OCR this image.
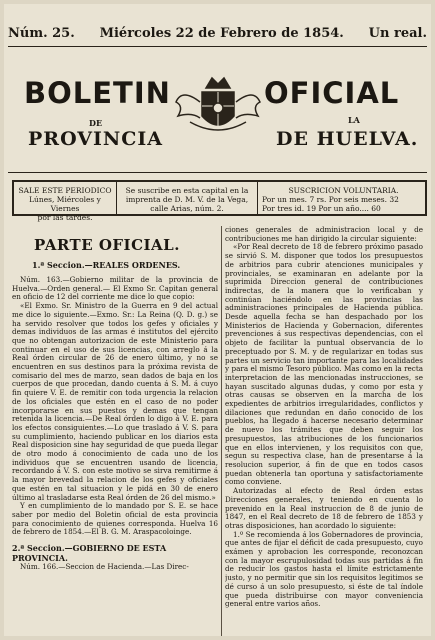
Núm. 25. Miércoles 22 de Febrero de 1854. Un real.
BOLETIN
DE
PROVINCIA
OFICIAL
LA
DE HUELVA.
SALE ESTE PERIODICO
Lúnes, Miércoles y Viernes
por las tardes.
Se suscribe en esta capital en la
imprenta de D. M. V. de la Vega,
calle Arias, núm. 2.
SUSCRICION VOLUNTARIA.
Por un mes. 7 rs. Por seis meses. 32
Por tres id. 19 Por un año.... 60
PARTE OFICIAL.
1.ª Seccion.—REALES ORDENES.

Núm. 163.—Gobierno militar de la provincia de Huelva.—Orden general.— El Exmo Sr. Capitan general en oficio de 12 del corriente me dice lo que copio:

«El Exmo. Sr. Ministro de la Guerra en 9 del actual me dice lo siguiente.—Exmo. Sr.: La Reina (Q. D. g.) se ha servido resolver que todos los gefes y oficiales y demas individuos de las armas é institutos del ejército que no obtengan autorizacion de este Ministerio para continuar en el uso de sus licencias, con arreglo á la Real órden circular de 26 de enero último, y no se encuentren en sus destinos para la próxima revista de comisario del mes de marzo, sean dados de baja en los cuerpos de que procedan, dando cuenta á S. M. á cuyo fin quiere V. E. de remitir con toda urgencia la relacion de los oficiales que estén en el caso de no poder incorporarse en sus puestos y demas que tengan retenida la licencia.—De Real órden lo digo á V. E. para los efectos consiguientes.—Lo que traslado á V. S. para su cumplimiento, haciendo publicar en los diarios esta Real disposicion sine hay seguridad de que pueda llegar de otro modo á conocimiento de cada uno de los individuos que se encuentren usando de licencia, recordando á V. S. con este motivo se sirva remitirme á la mayor brevedad la relacion de los gefes y oficiales que estén en tal situacion y le pidá en 30 de enero último al trasladarse esta Real órden de 26 del mismo.»

Y en cumplimiento de lo mandado por S. E. se hace saber por medio del Boletin oficial de esta provincia para conocimiento de quienes corresponda. Huelva 16 de febrero de 1854.—El B. G. M. Araspacoloinge.

2.ª Seccion.—GOBIERNO DE ESTA PROVINCIA.

Núm. 166.—Seccion de Hacienda.—Las Direc-

ciones generales de administracion local y de contribuciones me han dirigido la circular siguiente:

«Por Real decreto de 18 de febrero próximo pasado se sirvió S. M. disponer que todos los presupuestos de arbitrios para cubrir atenciones municipales y provinciales, se examinaran en adelante por la suprimida Direccion general de contribuciones indirectas, de la manera que lo verificaban y continúan haciéndolo en las provincias las administraciones principales de Hacienda pública. Desde aquella fecha se han despachado por los Ministerios de Hacienda y Gobernacion, diferentes prevenciones á sus respectivas dependencias, con el objeto de facilitar la puntual observancia de lo preceptuado por S. M. y de regularizar en todas sus partes un servicio tan importante para las localidades y para el mismo Tesoro público. Mas como en la recta interpretacion de las mencionadas instrucciones, se hayan suscitado algunas dudas, y como por esta y otras causas se observen en la marcha de los expedientes de arbitrios irregularidades, conflictos y dilaciones que redundan en daño conocido de los pueblos, ha llegado á hacerse necesario determinar de nuevo los trámites que deben seguir los presupuestos, las atribuciones de los funcionarios que en ellos intervienen, y los requisitos con que, segun su respectiva clase, han de presentarse á la resolucion superior, á fin de que en todos casos puedan obtenerla tan oportuna y satisfactoriamente como conviene.

Autorizadas al efecto de Real órden estas Direcciones generales, y teniendo en cuenta lo prevenido en la Real instruccion de 8 de junio de 1847, en el Real decreto de 18 de febrero de 1853 y otras disposiciones, han acordado lo siguiente:

1.º Se recomienda á los Gobernadores de provincia, que antes de fijar el déficit de cada presupuesto, cuyo exámen y aprobacion les corresponde, reconozcan con la mayor escrupulosidad todas sus partidas á fin de reducir los gastos hasta el límite estrictamente justo, y no permitir que sin los requisitos legitimos se dé curso á un solo presupuesto, si éste de tal índole que pueda distribuirse con mayor conveniencia general entre varios años.
